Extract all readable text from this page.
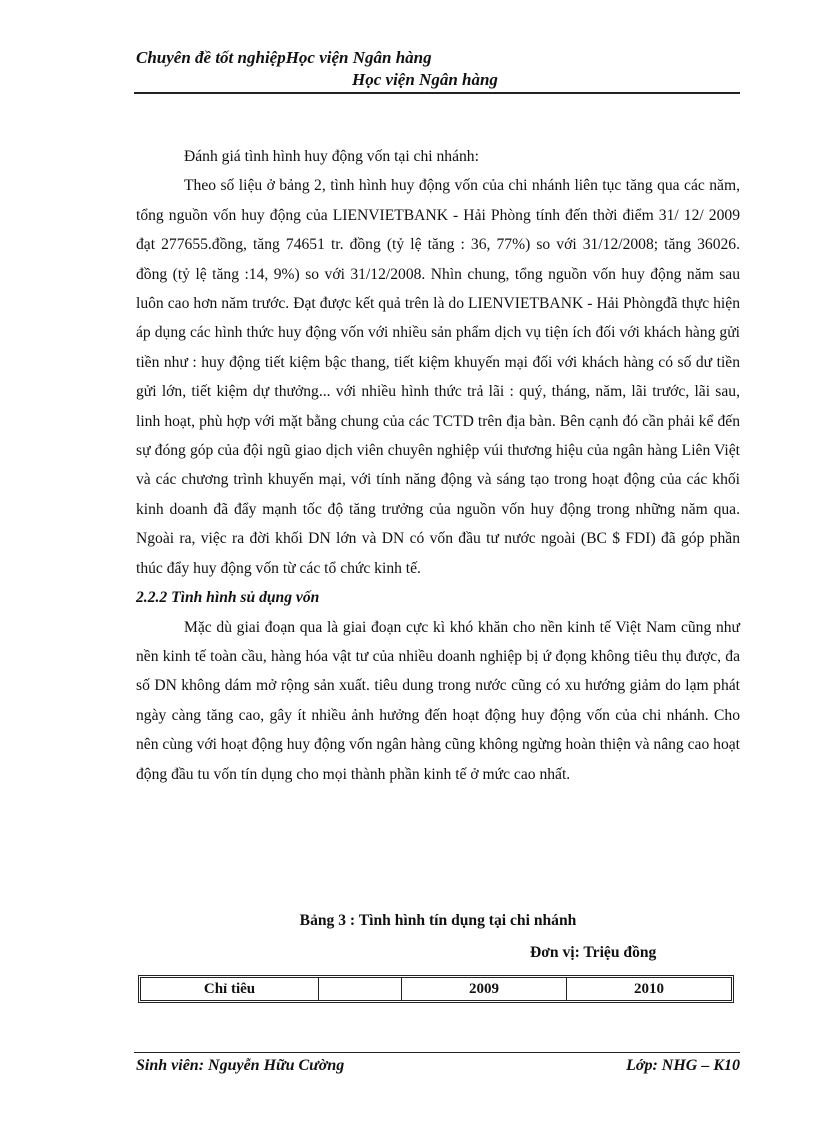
Chuyên đề tốt nghiệpHọc viện Ngân hàng
Học viện Ngân hàng

Đánh giá tình hình huy động vốn tại chi nhánh:

Theo số liệu ở bảng 2, tình hình huy động vốn của chi nhánh liên tục tăng qua các năm, tổng nguồn vốn huy động của LIENVIETBANK - Hải Phòng tính đến thời điểm 31/ 12/ 2009 đạt 277655.đồng, tăng 74651 tr. đồng (tỷ lệ tăng : 36, 77%) so với 31/12/2008; tăng 36026. đồng (tỷ lệ tăng :14, 9%) so với 31/12/2008. Nhìn chung, tổng nguồn vốn huy động năm sau luôn cao hơn năm trước. Đạt được kết quả trên là do LIENVIETBANK - Hải Phòngđã thực hiện áp dụng các hình thức huy động vốn với nhiều sản phẩm dịch vụ tiện ích đối với khách hàng gửi tiền như : huy động tiết kiệm bậc thang, tiết kiệm khuyến mại đối với khách hàng có số dư tiền gửi lớn, tiết kiệm dự thưởng... với nhiều hình thức trả lãi : quý, tháng, năm, lãi trước, lãi sau, linh hoạt, phù hợp với mặt bằng chung của các TCTD trên địa bàn. Bên cạnh đó cần phải kể đến sự đóng góp của đội ngũ giao dịch viên chuyên nghiệp vúi thương hiệu của ngân hàng Liên Việt và các chương trình khuyến mại, với tính năng động và sáng tạo trong hoạt động của các khối kinh doanh đã đẩy mạnh tốc độ tăng trưởng của nguồn vốn huy động trong những năm qua. Ngoài ra, việc ra đời khối DN lớn và DN có vốn đầu tư nước ngoài (BC $ FDI) đã góp phần thúc đẩy huy động vốn từ các tổ chức kinh tế.

2.2.2 Tình hình sủ dụng vốn

Mặc dù giai đoạn qua là giai đoạn cực kì khó khăn cho nền kinh tế Việt Nam cũng như nền kinh tế toàn cầu, hàng hóa vật tư của nhiều doanh nghiệp bị ứ đọng không tiêu thụ được, đa số DN không dám mở rộng sản xuất. tiêu dung trong nước cũng có xu hướng giảm do lạm phát ngày càng tăng cao, gây ít nhiều ảnh hưởng đến hoạt động huy động vốn của chi nhánh. Cho nên cùng với hoạt động huy động vốn ngân hàng cũng không ngừng hoàn thiện và nâng cao hoạt động đầu tu vốn tín dụng cho mọi thành phần kinh tế ở mức cao nhất.

Bảng 3 : Tình hình tín dụng tại chi nhánh
Đơn vị: Triệu đồng
Chỉ tiêu		2009	2010
Sinh viên: Nguyễn Hữu Cường	Lớp: NHG – K10
